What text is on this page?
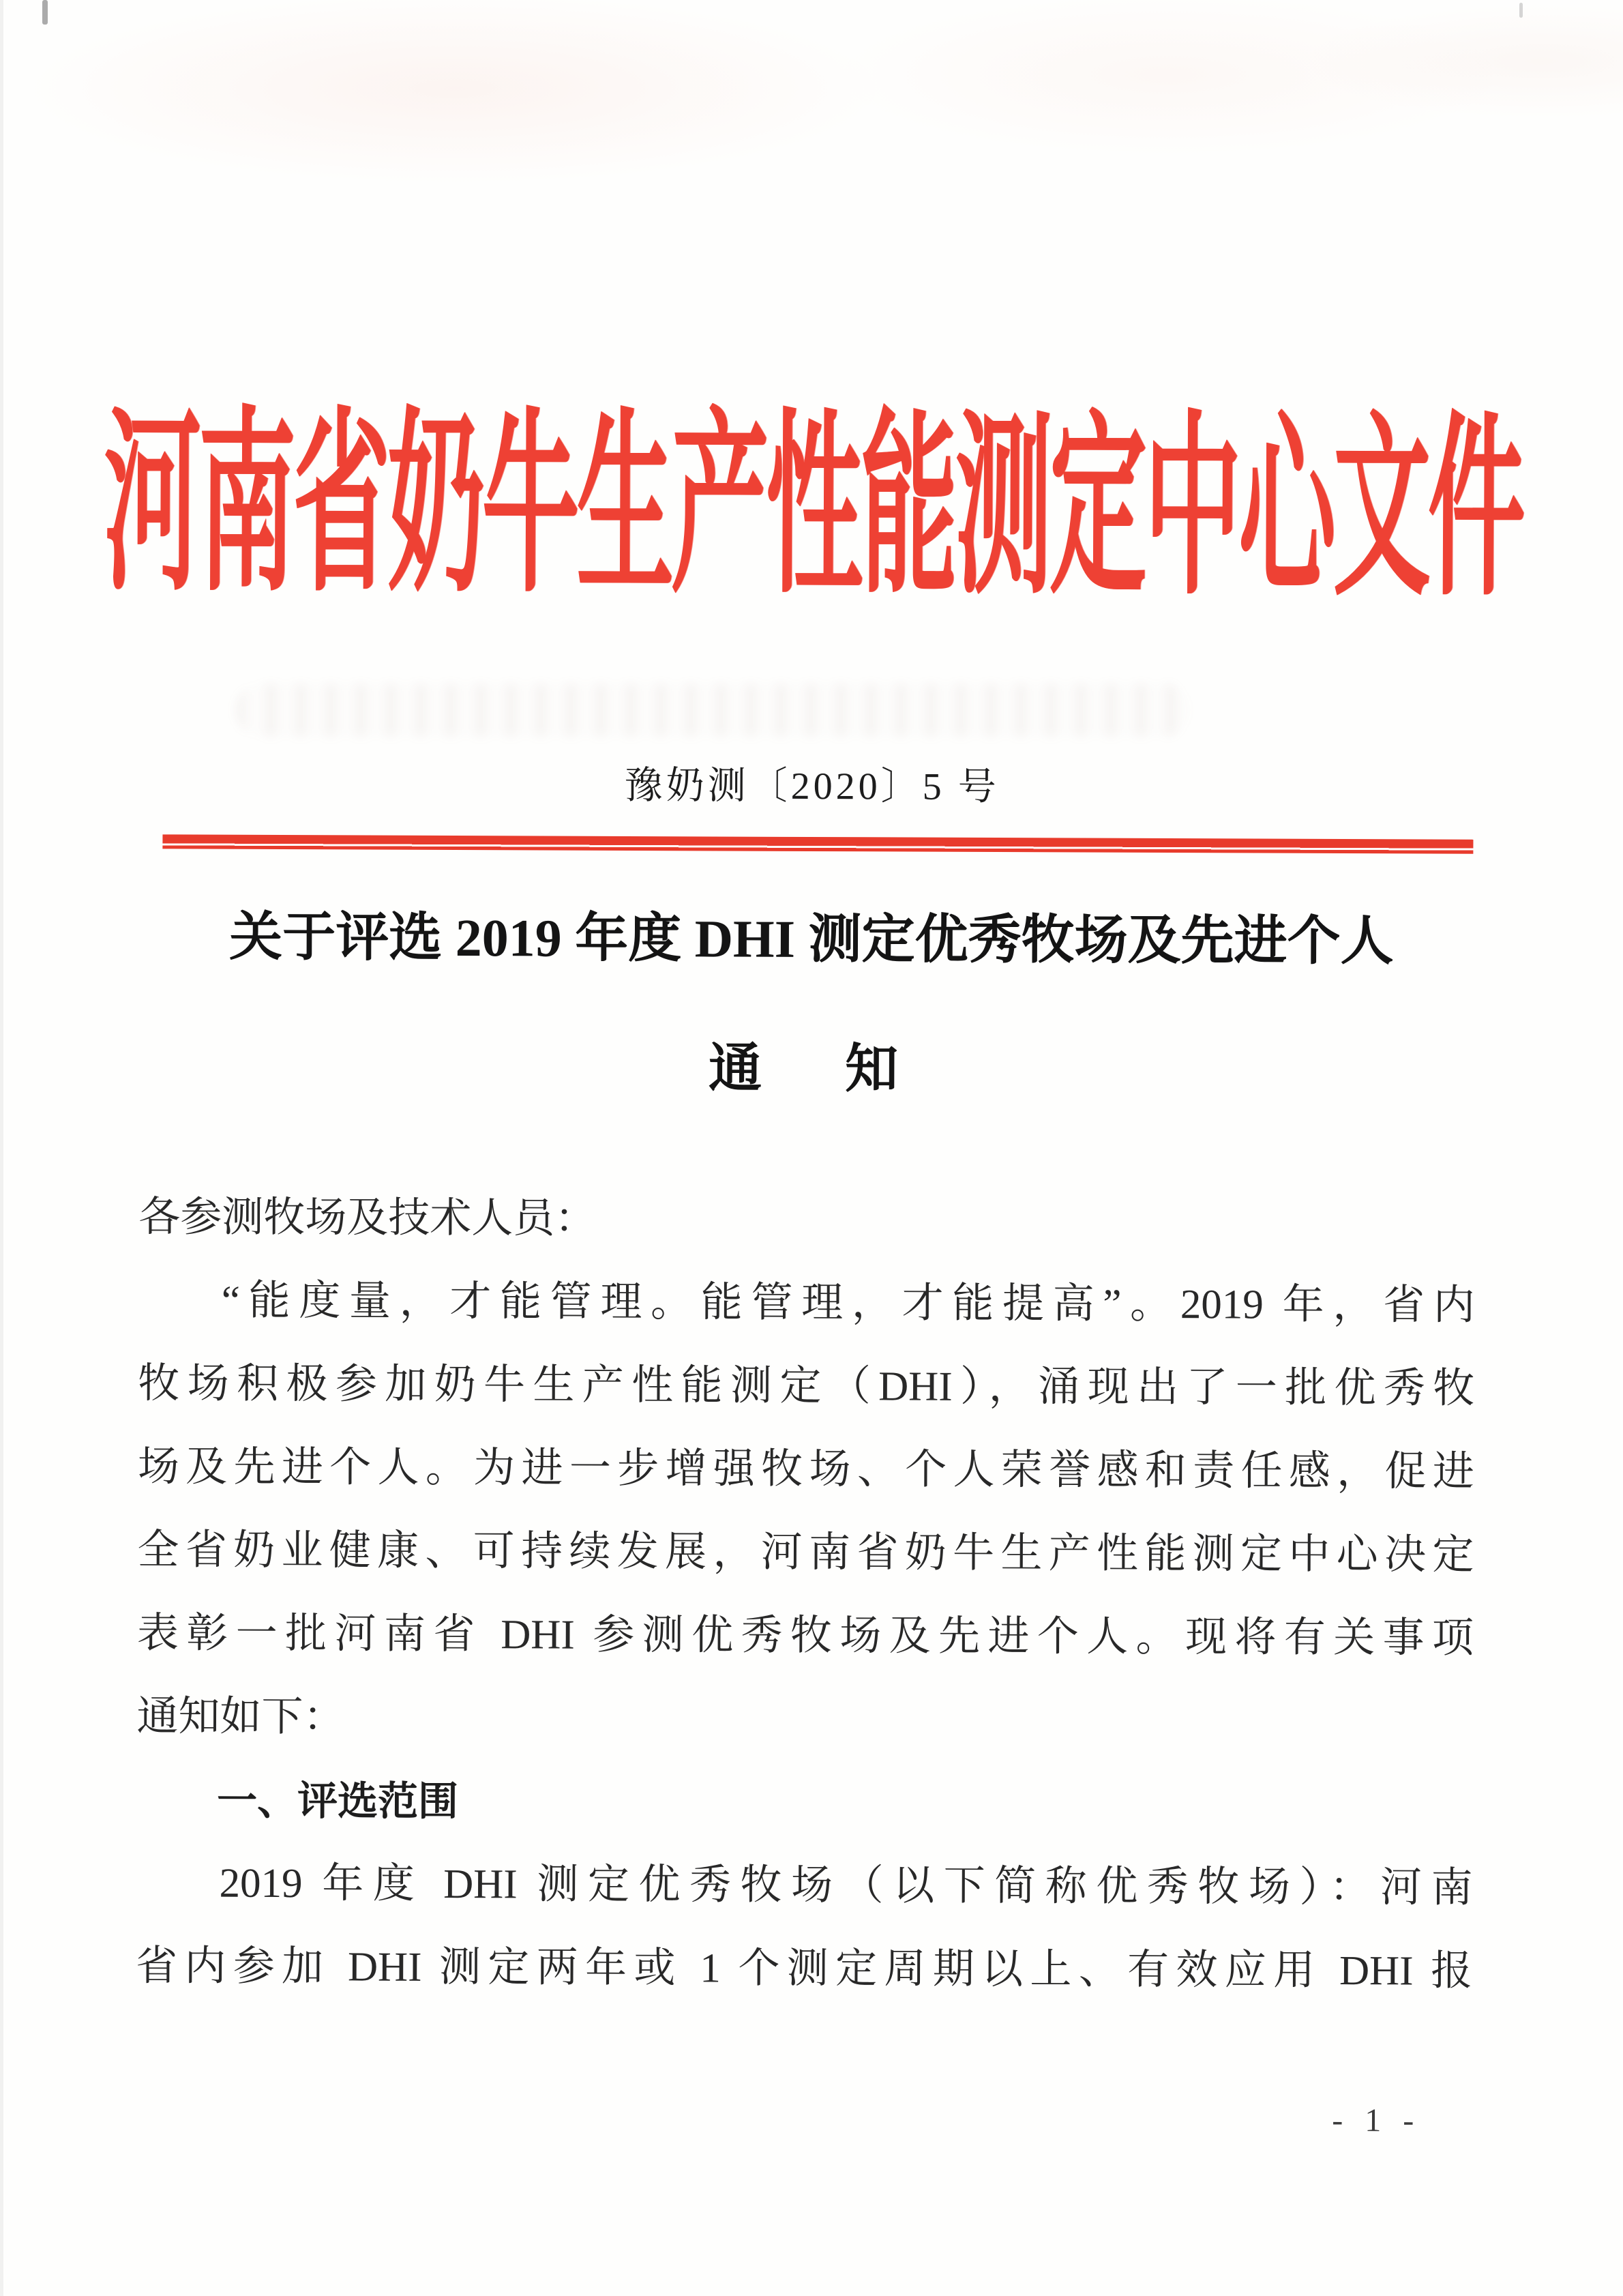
河南省奶牛生产性能测定中心文件
豫奶测〔2020〕5 号
关于评选 2019 年度 DHI 测定优秀牧场及先进个人
通　知
各参测牧场及技术人员：
“能度量，才能管理。能管理，才能提高”。2019 年，省内
牧场积极参加奶牛生产性能测定（DHI），涌现出了一批优秀牧
场及先进个人。为进一步增强牧场、个人荣誉感和责任感，促进
全省奶业健康、可持续发展，河南省奶牛生产性能测定中心决定
表彰一批河南省 DHI 参测优秀牧场及先进个人。现将有关事项
通知如下：
一、评选范围
2019 年度 DHI 测定优秀牧场（以下简称优秀牧场）：河南
省内参加 DHI 测定两年或 1 个测定周期以上、有效应用 DHI 报
- 1 -
